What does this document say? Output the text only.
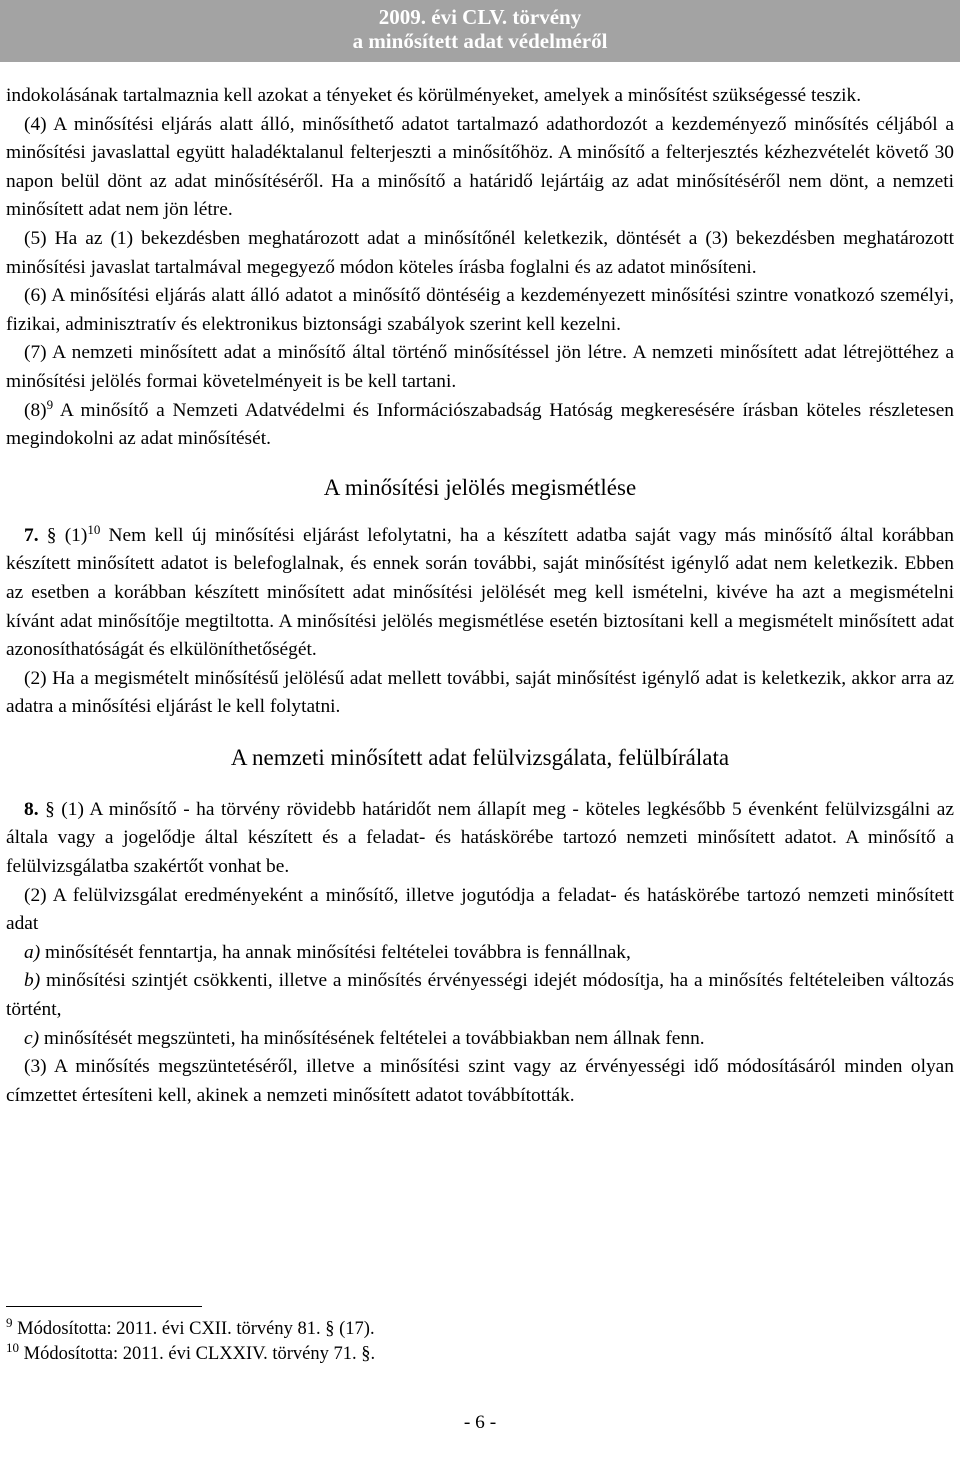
2009. évi CLV. törvény
a minősített adat védelméről

indokolásának tartalmaznia kell azokat a tényeket és körülményeket, amelyek a minősítést szükségessé teszik.

(4) A minősítési eljárás alatt álló, minősíthető adatot tartalmazó adathordozót a kezdeményező minősítés céljából a minősítési javaslattal együtt haladéktalanul felterjeszti a minősítőhöz. A minősítő a felterjesztés kézhezvételét követő 30 napon belül dönt az adat minősítéséről. Ha a minősítő a határidő lejártáig az adat minősítéséről nem dönt, a nemzeti minősített adat nem jön létre.

(5) Ha az (1) bekezdésben meghatározott adat a minősítőnél keletkezik, döntését a (3) bekezdésben meghatározott minősítési javaslat tartalmával megegyező módon köteles írásba foglalni és az adatot minősíteni.

(6) A minősítési eljárás alatt álló adatot a minősítő döntéséig a kezdeményezett minősítési szintre vonatkozó személyi, fizikai, adminisztratív és elektronikus biztonsági szabályok szerint kell kezelni.

(7) A nemzeti minősített adat a minősítő által történő minősítéssel jön létre. A nemzeti minősített adat létrejöttéhez a minősítési jelölés formai követelményeit is be kell tartani.

$(8)^9$ A minősítő a Nemzeti Adatvédelmi és Információszabadság Hatóság megkeresésére írásban köteles részletesen megindokolni az adat minősítését.

A minősítési jelölés megismétlése

7. § $(1)^{10}$ Nem kell új minősítési eljárást lefolytatni, ha a készített adatba saját vagy más minősítő által korábban készített minősített adatot is belefoglalnak, és ennek során további, saját minősítést igénylő adat nem keletkezik. Ebben az esetben a korábban készített minősített adat minősítési jelölését meg kell ismételni, kivéve ha azt a megismételni kívánt adat minősítője megtiltotta. A minősítési jelölés megismétlése esetén biztosítani kell a megismételt minősített adat azonosíthatóságát és elkülöníthetőségét.

(2) Ha a megismételt minősítésű jelölésű adat mellett további, saját minősítést igénylő adat is keletkezik, akkor arra az adatra a minősítési eljárást le kell folytatni.

A nemzeti minősített adat felülvizsgálata, felülbírálata

8. § (1) A minősítő - ha törvény rövidebb határidőt nem állapít meg - köteles legkésőbb 5 évenként felülvizsgálni az általa vagy a jogelődje által készített és a feladat- és hatáskörébe tartozó nemzeti minősített adatot. A minősítő a felülvizsgálatba szakértőt vonhat be.

(2) A felülvizsgálat eredményeként a minősítő, illetve jogutódja a feladat- és hatáskörébe tartozó nemzeti minősített adat

a) minősítését fenntartja, ha annak minősítési feltételei továbbra is fennállnak,

b) minősítési szintjét csökkenti, illetve a minősítés érvényességi idejét módosítja, ha a minősítés feltételeiben változás történt,

c) minősítését megszünteti, ha minősítésének feltételei a továbbiakban nem állnak fenn.

(3) A minősítés megszüntetéséről, illetve a minősítési szint vagy az érvényességi idő módosításáról minden olyan címzettet értesíteni kell, akinek a nemzeti minősített adatot továbbították.

$^9$ Módosította: 2011. évi CXII. törvény 81. § (17).
$^{10}$ Módosította: 2011. évi CLXXIV. törvény 71. §.
- 6 -
